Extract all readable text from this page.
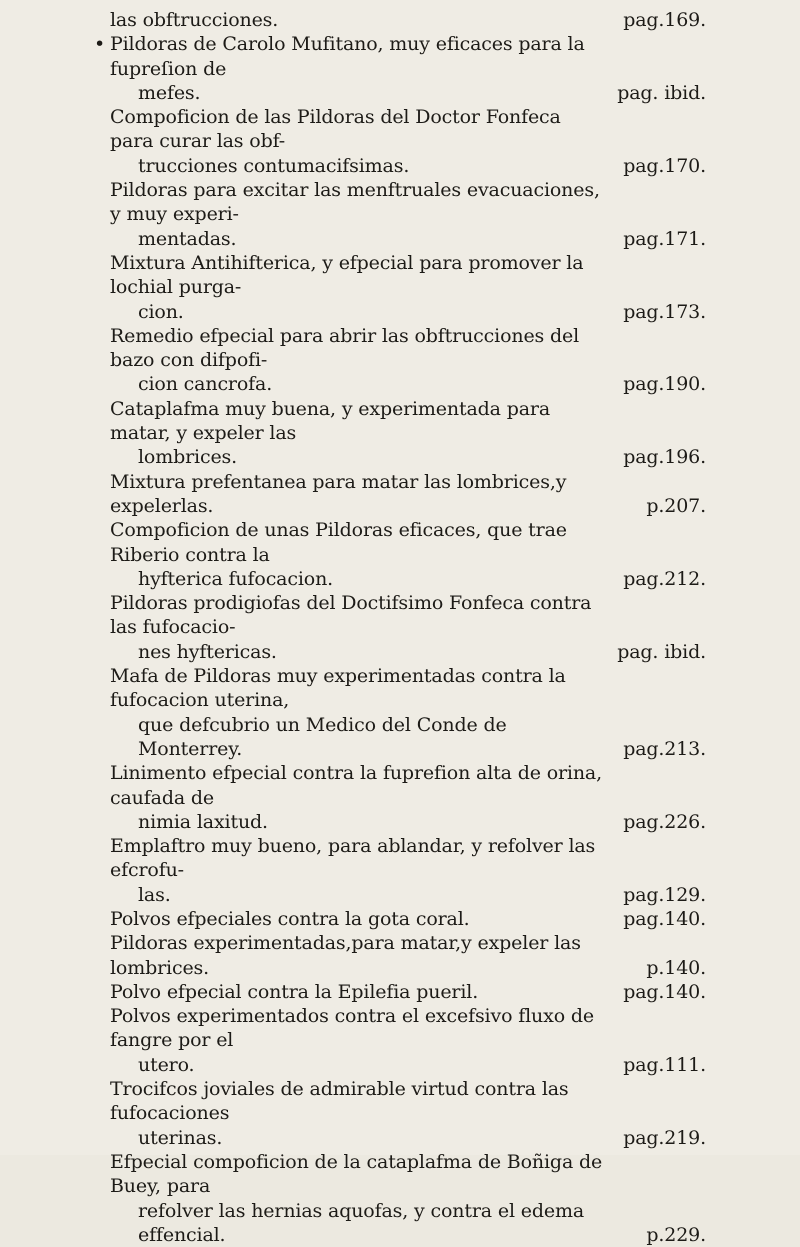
las obftrucciones.	pag.169.
• Pildoras de Carolo Mufitano, muy eficaces para la fupreſion de
mefes.	pag. ibid.
Compoficion de las Pildoras del Doctor Fonfeca para curar las obf-
trucciones contumacifsimas.	pag.170.
Pildoras para excitar las menftruales evacuaciones, y muy experi-
mentadas.	pag.171.
Mixtura Antihifterica, y efpecial para promover la lochial purga-
cion.	pag.173.
Remedio efpecial para abrir las obftrucciones del bazo con difpofi-
cion cancrofa.	pag.190.
Cataplafma muy buena, y experimentada para matar, y expeler las
lombrices.	pag.196.
Mixtura prefentanea para matar las lombrices,y expelerlas.	p.207.
Compoficion de unas Pildoras eficaces, que trae Riberio contra la
hyfterica fufocacion.	pag.212.
Pildoras prodigiofas del Doctifsimo Fonfeca contra las fufocacio-
nes hyftericas.	pag. ibid.
Mafa de Pildoras muy experimentadas contra la fufocacion uterina,
que defcubrio un Medico del Conde de Monterrey.	pag.213.
Linimento efpecial contra la fuprefion alta de orina, caufada de
nimia laxitud.	pag.226.
Emplaftro muy bueno, para ablandar, y refolver las efcrofu-
las.	pag.129.
Polvos efpeciales contra la gota coral.	pag.140.
Pildoras experimentadas,para matar,y expeler las lombrices.	p.140.
Polvo efpecial contra la Epilefia pueril.	pag.140.
Polvos experimentados contra el excefsivo fluxo de fangre por el
utero.	pag.111.
Trocifcos joviales de admirable virtud contra las fufocaciones
uterinas.	pag.219.
Efpecial compoficion de la cataplafma de Boñiga de Buey, para
refolver las hernias aquofas, y contra el edema effencial.	p.229.
